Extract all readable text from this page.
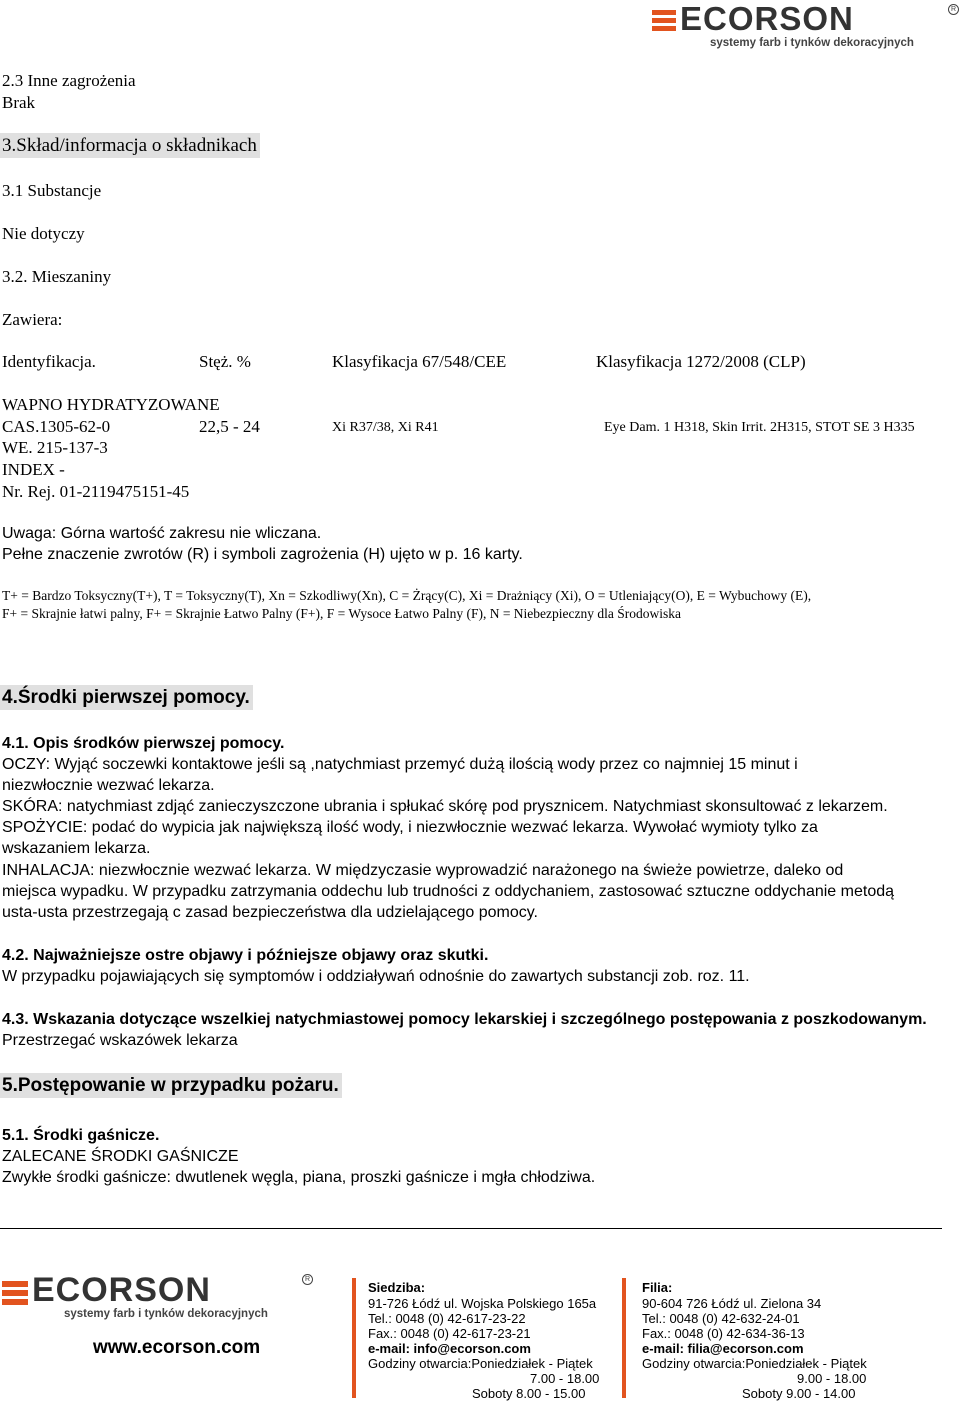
ECORSON
systemy farb i tynków dekoracyjnych
R
2.3 Inne zagrożenia
Brak
3.Skład/informacja o składnikach
3.1 Substancje
Nie dotyczy
3.2. Mieszaniny
Zawiera:
Identyfikacja.	Stęż. %	Klasyfikacja 67/548/CEE	Klasyfikacja 1272/2008 (CLP)
WAPNO HYDRATYZOWANE
CAS.1305-62-0	22,5 - 24	Xi R37/38, Xi R41	Eye Dam. 1 H318, Skin Irrit. 2H315, STOT SE 3 H335
WE. 215-137-3
INDEX -
Nr. Rej. 01-2119475151-45
Uwaga: Górna wartość zakresu nie wliczana.
Pełne znaczenie zwrotów (R) i symboli zagrożenia (H) ujęto w p. 16 karty.
T+ = Bardzo Toksyczny(T+), T = Toksyczny(T), Xn = Szkodliwy(Xn), C = Żrący(C), Xi = Drażniący (Xi), O = Utleniający(O), E = Wybuchowy (E),
F+ = Skrajnie łatwi palny, F+ = Skrajnie Łatwo Palny (F+), F = Wysoce Łatwo Palny (F), N = Niebezpieczny dla Środowiska
4.Środki pierwszej pomocy.
4.1. Opis środków pierwszej pomocy.
OCZY: Wyjąć soczewki kontaktowe jeśli są ,natychmiast przemyć dużą ilością wody przez co najmniej 15 minut i
niezwłocznie wezwać lekarza.
SKÓRA: natychmiast zdjąć zanieczyszczone ubrania i spłukać skórę pod prysznicem. Natychmiast skonsultować z lekarzem.
SPOŻYCIE: podać do wypicia jak największą ilość wody, i niezwłocznie wezwać lekarza. Wywołać wymioty tylko za
wskazaniem lekarza.
INHALACJA: niezwłocznie wezwać lekarza. W międzyczasie wyprowadzić narażonego na świeże powietrze, daleko od
miejsca wypadku. W przypadku zatrzymania oddechu lub trudności z oddychaniem, zastosować sztuczne oddychanie metodą
usta-usta przestrzegają c zasad bezpieczeństwa dla udzielającego pomocy.
4.2. Najważniejsze ostre objawy i późniejsze objawy oraz skutki.
W przypadku pojawiających się symptomów i oddziaływań odnośnie do zawartych substancji zob. roz. 11.
4.3. Wskazania dotyczące wszelkiej natychmiastowej pomocy lekarskiej i szczególnego postępowania z poszkodowanym.
Przestrzegać wskazówek lekarza
5.Postępowanie w przypadku pożaru.
5.1. Środki gaśnicze.
ZALECANE ŚRODKI GAŚNICZE
Zwykłe środki gaśnicze: dwutlenek węgla, piana, proszki gaśnicze i mgła chłodziwa.
ECORSON
systemy farb i tynków dekoracyjnych
R
www.ecorson.com
Siedziba:
91-726 Łódź ul. Wojska Polskiego 165a
Tel.: 0048 (0) 42-617-23-22
Fax.: 0048 (0) 42-617-23-21
e-mail: info@ecorson.com
Godziny otwarcia:Poniedziałek - Piątek
7.00 - 18.00
Soboty 8.00 - 15.00
Filia:
90-604 726 Łódź ul. Zielona 34
Tel.: 0048 (0) 42-632-24-01
Fax.: 0048 (0) 42-634-36-13
e-mail: filia@ecorson.com
Godziny otwarcia:Poniedziałek - Piątek
9.00 - 18.00
Soboty 9.00 - 14.00
